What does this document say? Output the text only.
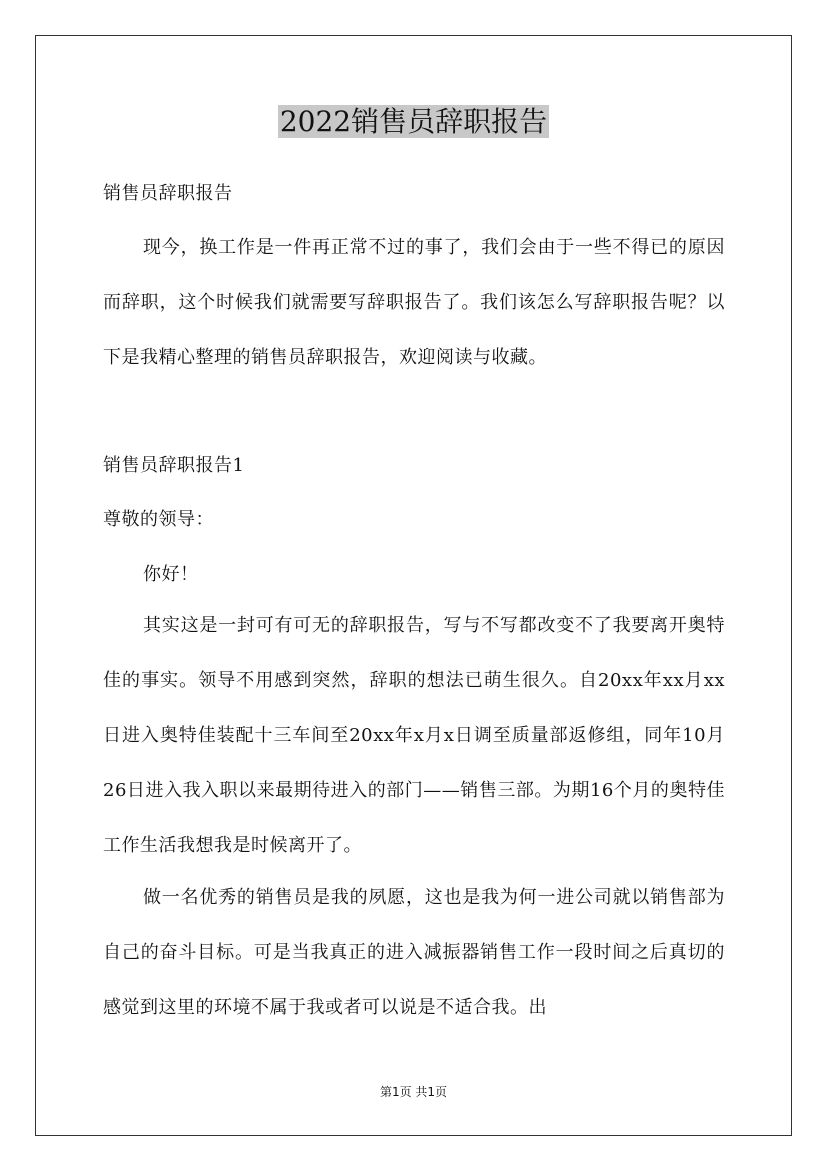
2022销售员辞职报告

销售员辞职报告

现今，换工作是一件再正常不过的事了，我们会由于一些不得已的原因而辞职，这个时候我们就需要写辞职报告了。我们该怎么写辞职报告呢？以下是我精心整理的销售员辞职报告，欢迎阅读与收藏。

销售员辞职报告1

尊敬的领导：

你好！

其实这是一封可有可无的辞职报告，写与不写都改变不了我要离开奥特佳的事实。领导不用感到突然，辞职的想法已萌生很久。自20xx年xx月xx日进入奥特佳装配十三车间至20xx年x月x日调至质量部返修组，同年10月26日进入我入职以来最期待进入的部门——销售三部。为期16个月的奥特佳工作生活我想我是时候离开了。

做一名优秀的销售员是我的夙愿，这也是我为何一进公司就以销售部为自己的奋斗目标。可是当我真正的进入减振器销售工作一段时间之后真切的感觉到这里的环境不属于我或者可以说是不适合我。出

第1页 共1页
